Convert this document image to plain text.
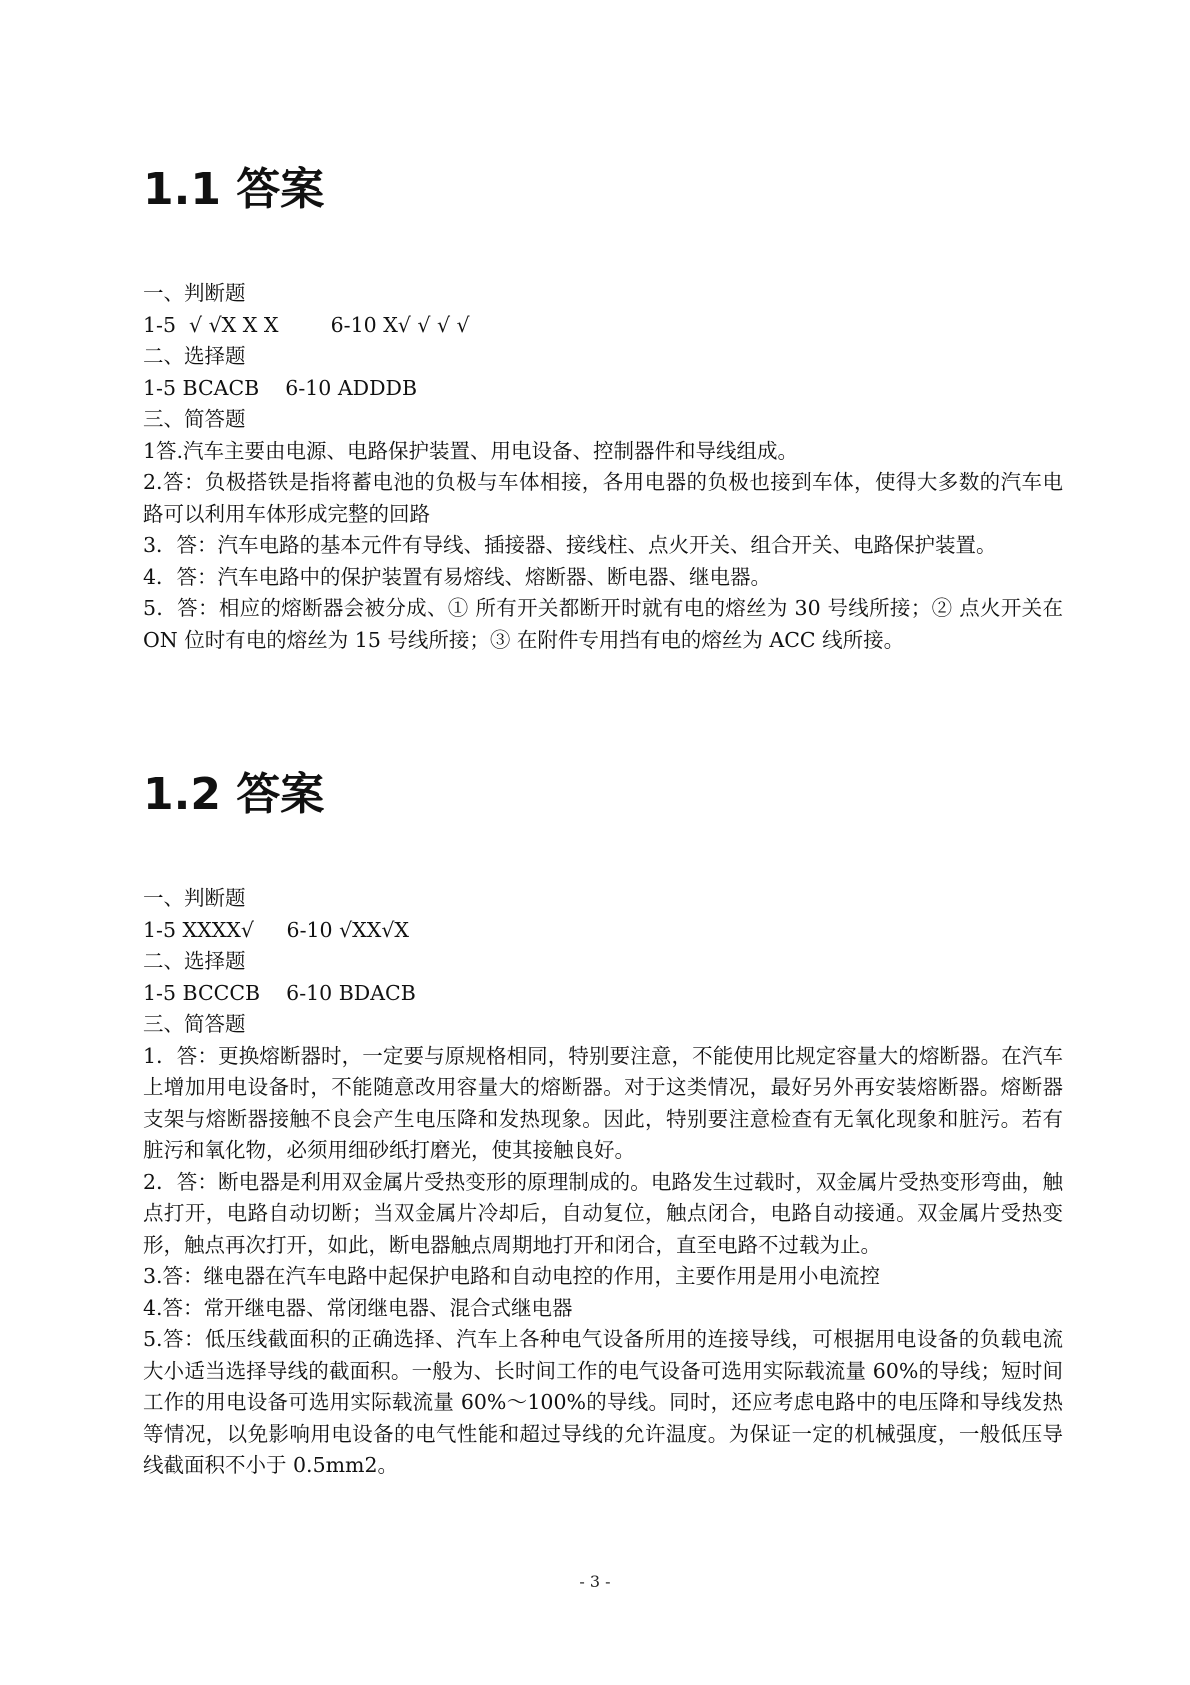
1.1 答案

一、判断题

1-5  √ √X X X        6-10 X√ √ √ √

二、选择题

1-5 BCACB    6-10 ADDDB

三、简答题

1答.汽车主要由电源、电路保护装置、用电设备、控制器件和导线组成。

2.答：负极搭铁是指将蓄电池的负极与车体相接，各用电器的负极也接到车体，使得大多数的汽车电路可以利用车体形成完整的回路

3．答：汽车电路的基本元件有导线、插接器、接线柱、点火开关、组合开关、电路保护装置。

4．答：汽车电路中的保护装置有易熔线、熔断器、断电器、继电器。

5．答：相应的熔断器会被分成、① 所有开关都断开时就有电的熔丝为 30 号线所接；② 点火开关在 ON 位时有电的熔丝为 15 号线所接；③ 在附件专用挡有电的熔丝为 ACC 线所接。

1.2 答案

一、判断题

1-5 XXXX√     6-10 √XX√X

二、选择题

1-5 BCCCB    6-10 BDACB

三、简答题

1．答：更换熔断器时，一定要与原规格相同，特别要注意，不能使用比规定容量大的熔断器。在汽车上增加用电设备时，不能随意改用容量大的熔断器。对于这类情况，最好另外再安装熔断器。熔断器支架与熔断器接触不良会产生电压降和发热现象。因此，特别要注意检查有无氧化现象和脏污。若有脏污和氧化物，必须用细砂纸打磨光，使其接触良好。

2．答：断电器是利用双金属片受热变形的原理制成的。电路发生过载时，双金属片受热变形弯曲，触点打开，电路自动切断；当双金属片冷却后，自动复位，触点闭合，电路自动接通。双金属片受热变形，触点再次打开，如此，断电器触点周期地打开和闭合，直至电路不过载为止。

3.答：继电器在汽车电路中起保护电路和自动电控的作用，主要作用是用小电流控

4.答：常开继电器、常闭继电器、混合式继电器

5.答：低压线截面积的正确选择、汽车上各种电气设备所用的连接导线，可根据用电设备的负载电流大小适当选择导线的截面积。一般为、长时间工作的电气设备可选用实际载流量 60%的导线；短时间工作的用电设备可选用实际载流量 60%～100%的导线。同时，还应考虑电路中的电压降和导线发热等情况，以免影响用电设备的电气性能和超过导线的允许温度。为保证一定的机械强度，一般低压导线截面积不小于 0.5mm2。

- 3 -
